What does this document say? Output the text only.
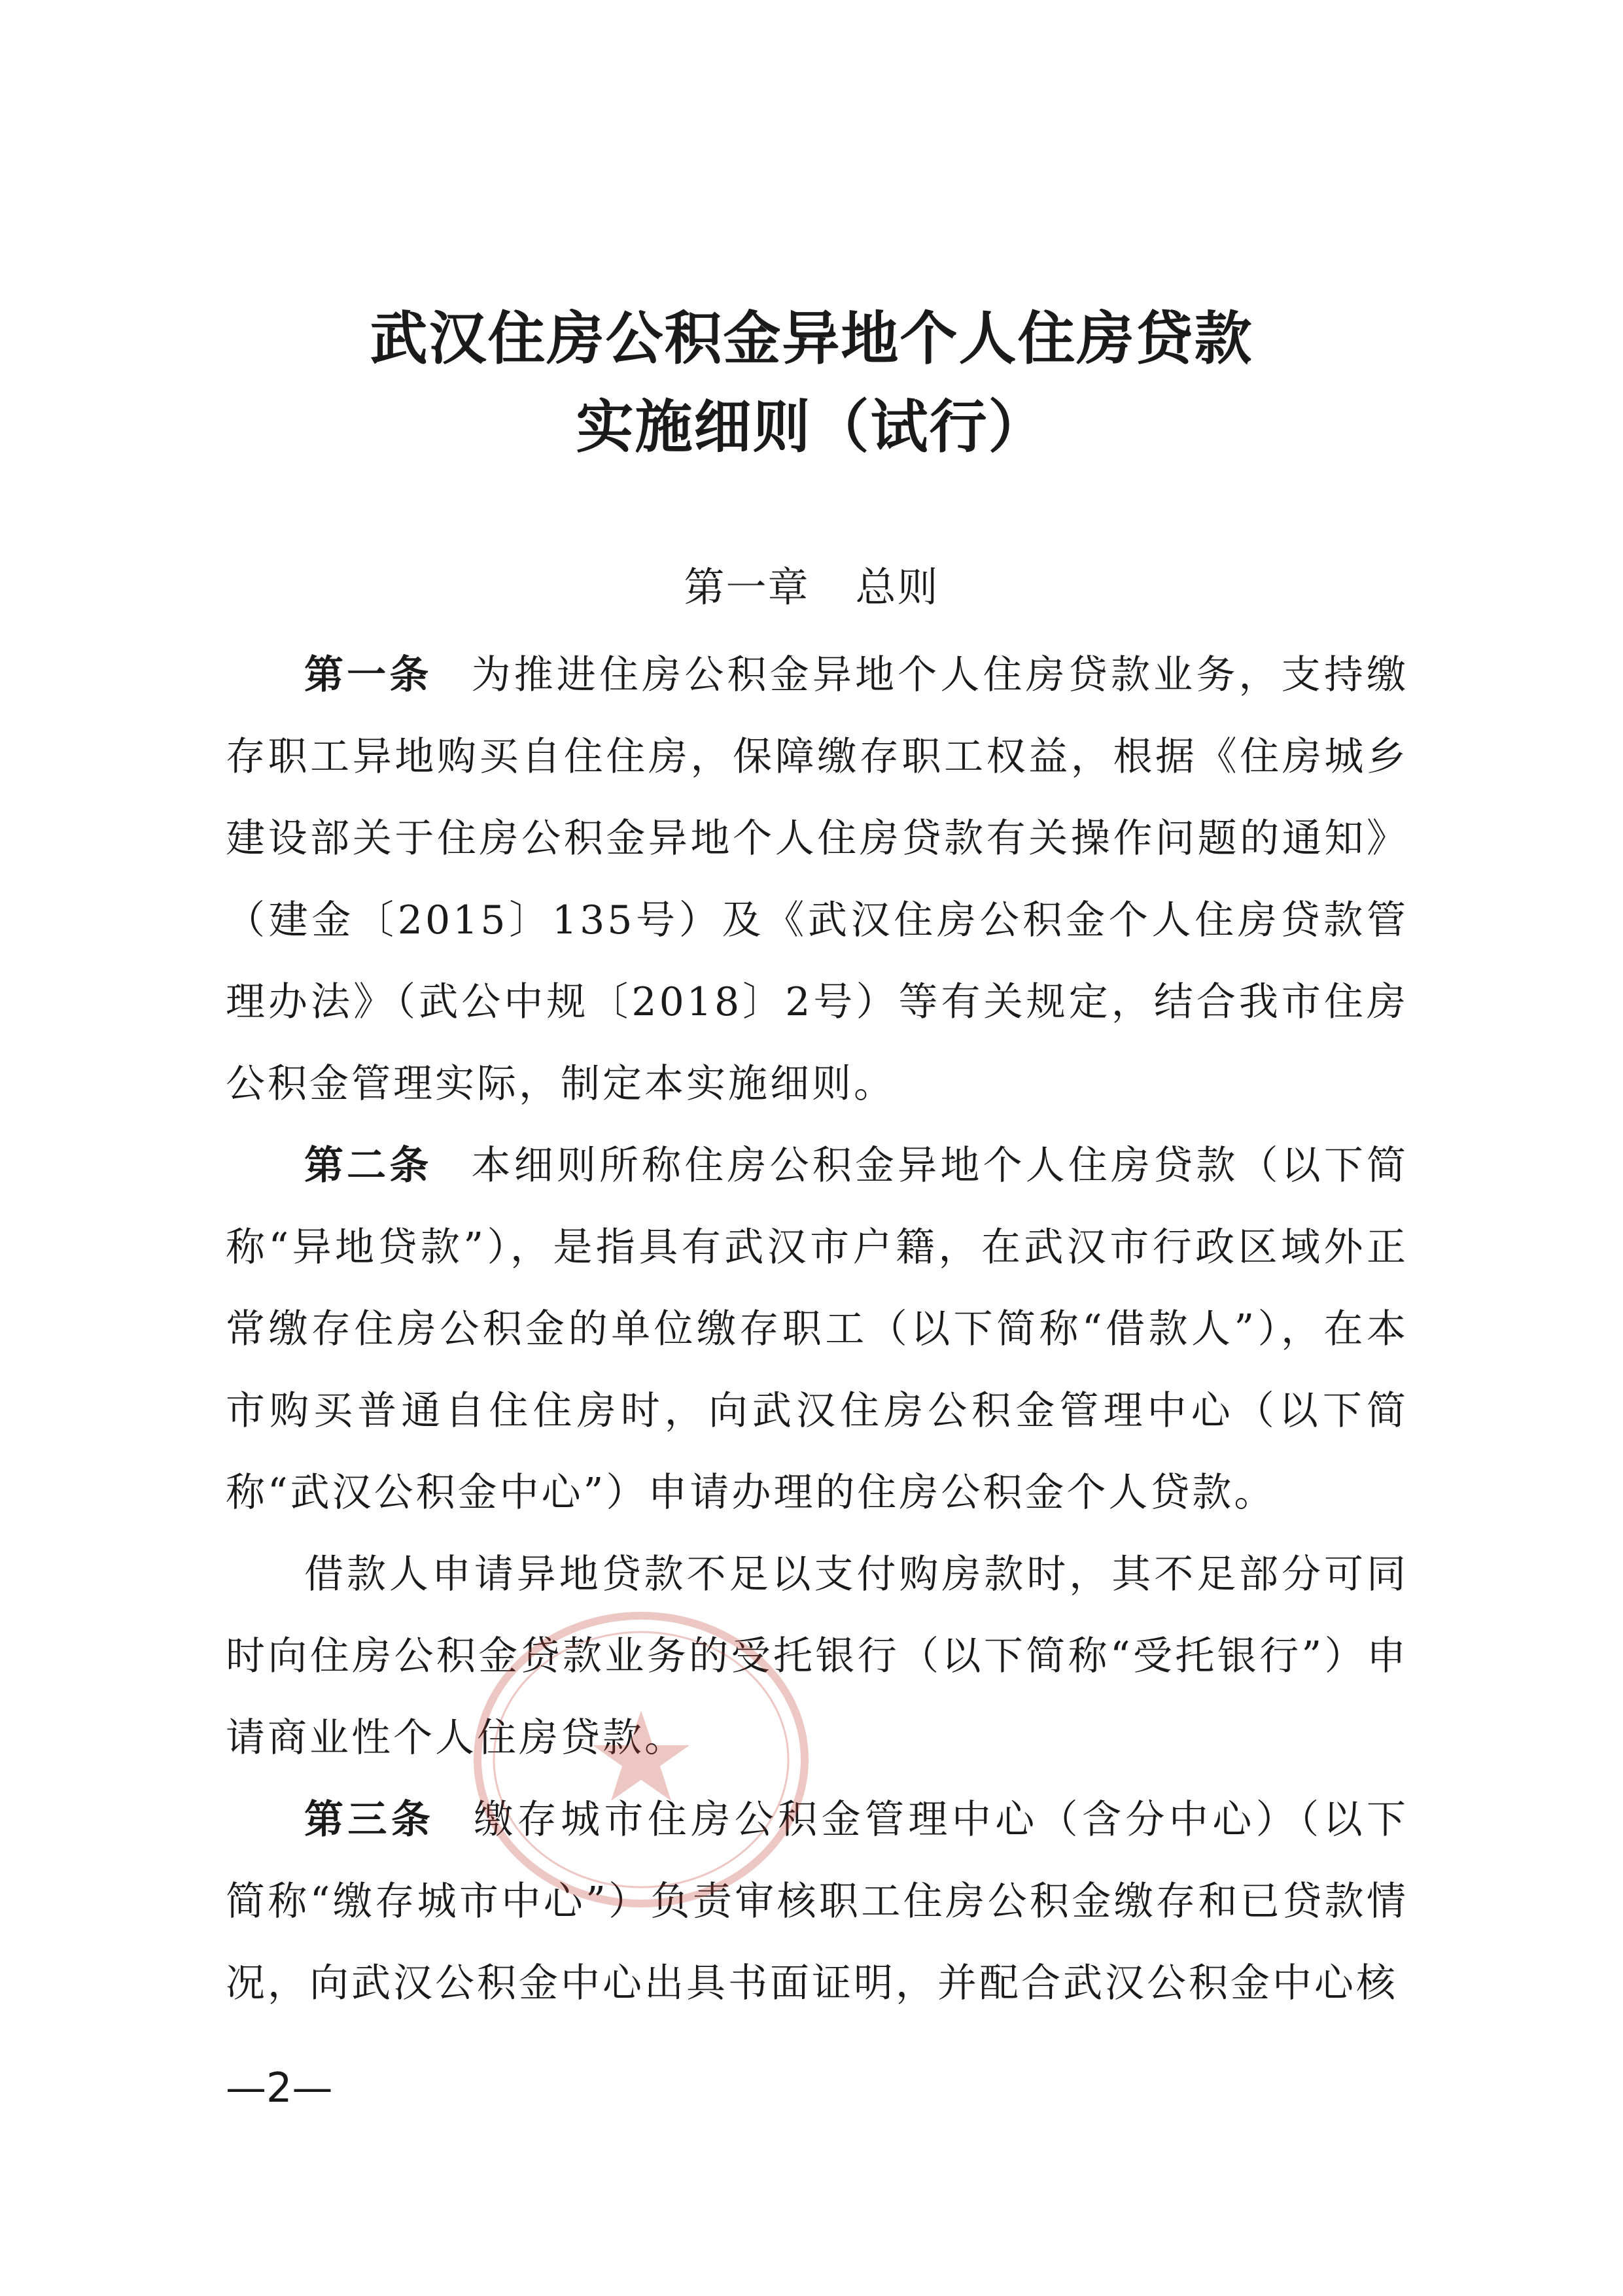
武汉住房公积金异地个人住房贷款
实施细则（试行）
第一章 总则

第一条 为推进住房公积金异地个人住房贷款业务，支持缴存职工异地购买自住住房，保障缴存职工权益，根据《住房城乡建设部关于住房公积金异地个人住房贷款有关操作问题的通知》（建金〔2015〕135号）及《武汉住房公积金个人住房贷款管理办法》（武公中规〔2018〕2号）等有关规定，结合我市住房公积金管理实际，制定本实施细则。

第二条 本细则所称住房公积金异地个人住房贷款（以下简称“异地贷款”），是指具有武汉市户籍，在武汉市行政区域外正常缴存住房公积金的单位缴存职工（以下简称“借款人”），在本市购买普通自住住房时，向武汉住房公积金管理中心（以下简称“武汉公积金中心”）申请办理的住房公积金个人贷款。

借款人申请异地贷款不足以支付购房款时，其不足部分可同时向住房公积金贷款业务的受托银行（以下简称“受托银行”）申请商业性个人住房贷款。

第三条 缴存城市住房公积金管理中心（含分中心）（以下简称“缴存城市中心”）负责审核职工住房公积金缴存和已贷款情况，向武汉公积金中心出具书面证明，并配合武汉公积金中心核

—2—
